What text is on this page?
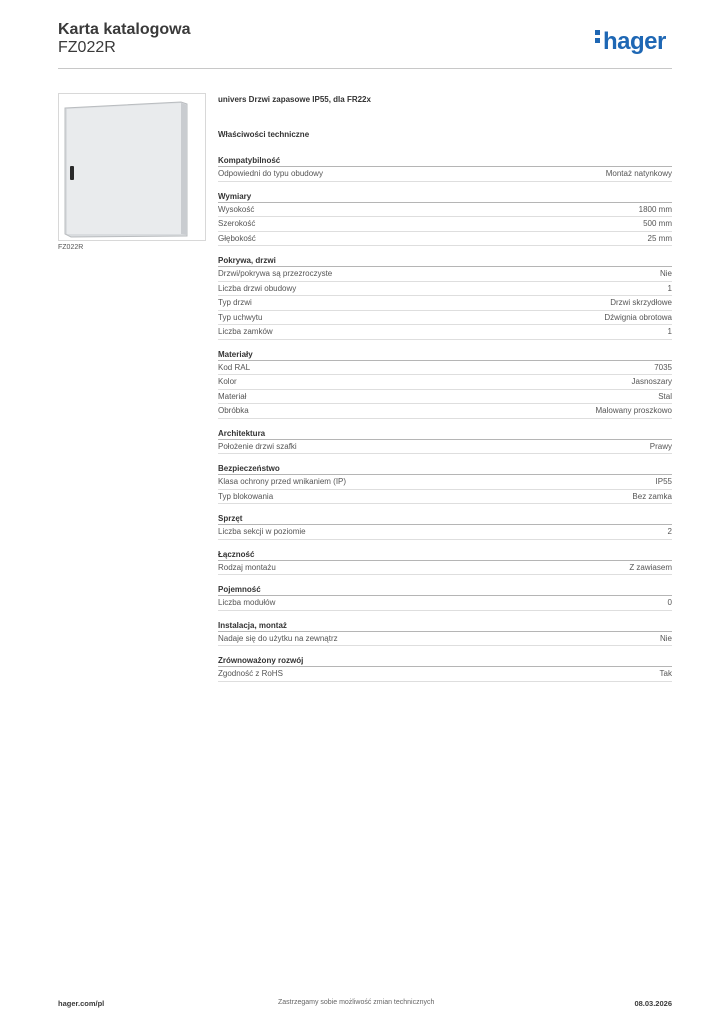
Karta katalogowa
FZ022R	hager
FZ022R
univers Drzwi zapasowe IP55, dla FR22x
Właściwości techniczne
Kompatybilność
Odpowiedni do typu obudowy	Montaż natynkowy
Wymiary
Wysokość	1800 mm
Szerokość	500 mm
Głębokość	25 mm
Pokrywa, drzwi
Drzwi/pokrywa są przezroczyste	Nie
Liczba drzwi obudowy	1
Typ drzwi	Drzwi skrzydłowe
Typ uchwytu	Dźwignia obrotowa
Liczba zamków	1
Materiały
Kod RAL	7035
Kolor	Jasnoszary
Materiał	Stal
Obróbka	Malowany proszkowo
Architektura
Położenie drzwi szafki	Prawy
Bezpieczeństwo
Klasa ochrony przed wnikaniem (IP)	IP55
Typ blokowania	Bez zamka
Sprzęt
Liczba sekcji w poziomie	2
Łączność
Rodzaj montażu	Z zawiasem
Pojemność
Liczba modułów	0
Instalacja, montaż
Nadaje się do użytku na zewnątrz	Nie
Zrównoważony rozwój
Zgodność z RoHS	Tak
hager.com/pl	Zastrzegamy sobie możliwość zmian technicznych	08.03.2026
